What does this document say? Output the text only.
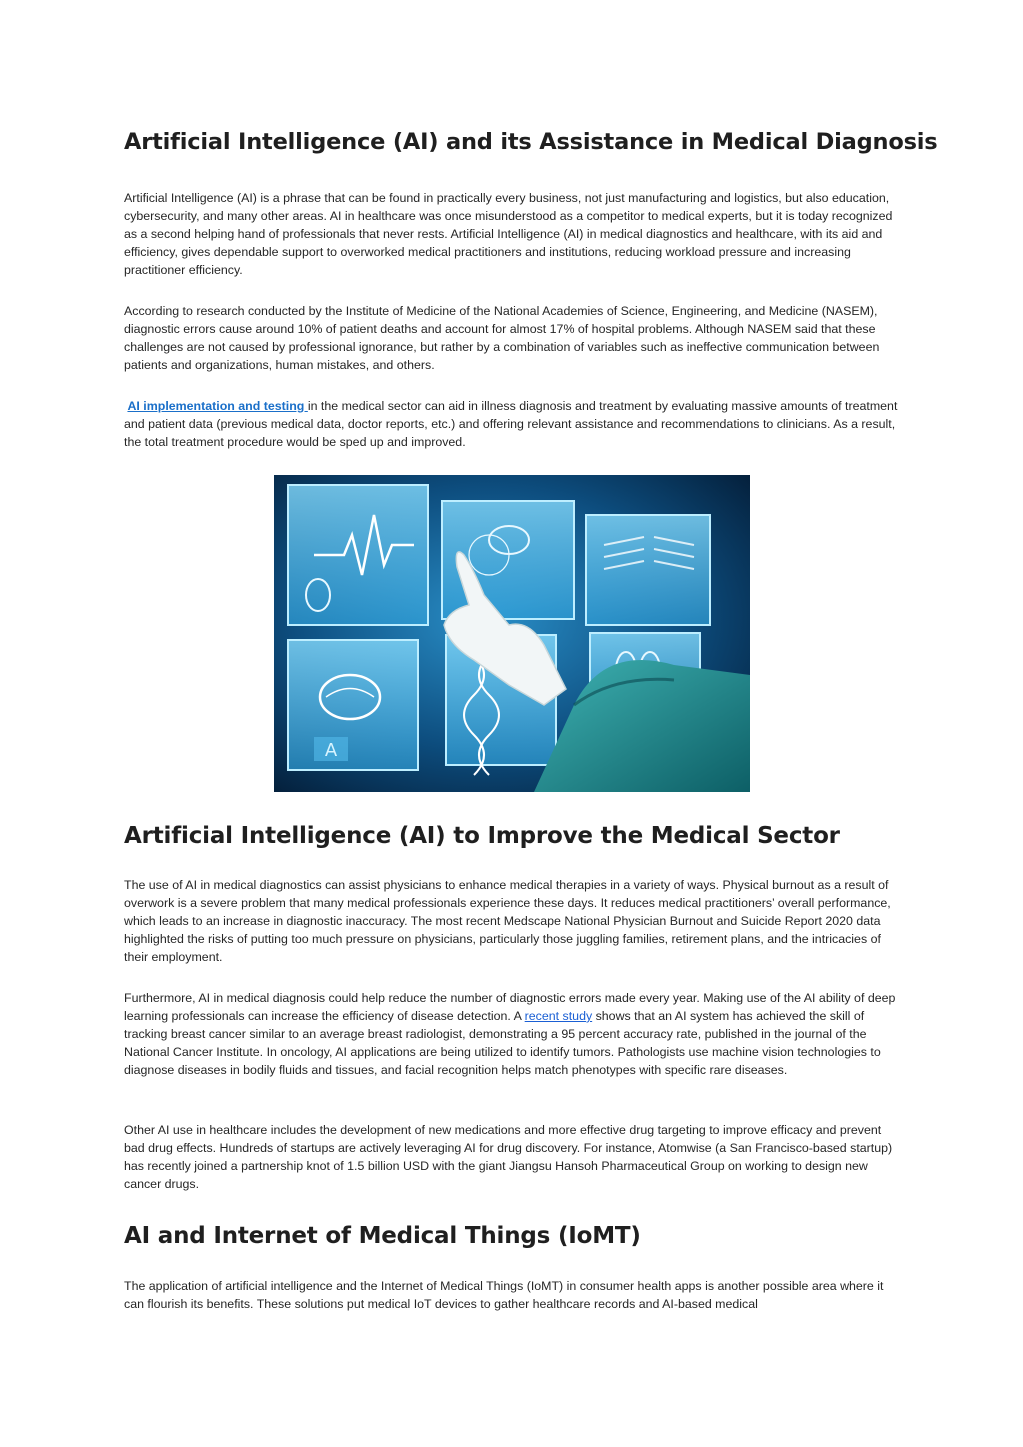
Artificial Intelligence (AI) and its Assistance in Medical Diagnosis

Artificial Intelligence (AI) is a phrase that can be found in practically every business, not just manufacturing and logistics, but also education, cybersecurity, and many other areas. AI in healthcare was once misunderstood as a competitor to medical experts, but it is today recognized as a second helping hand of professionals that never rests. Artificial Intelligence (AI) in medical diagnostics and healthcare, with its aid and efficiency, gives dependable support to overworked medical practitioners and institutions, reducing workload pressure and increasing practitioner efficiency.

According to research conducted by the Institute of Medicine of the National Academies of Science, Engineering, and Medicine (NASEM), diagnostic errors cause around 10% of patient deaths and account for almost 17% of hospital problems. Although NASEM said that these challenges are not caused by professional ignorance, but rather by a combination of variables such as ineffective communication between patients and organizations, human mistakes, and others.

AI implementation and testing in the medical sector can aid in illness diagnosis and treatment by evaluating massive amounts of treatment and patient data (previous medical data, doctor reports, etc.) and offering relevant assistance and recommendations to clinicians. As a result, the total treatment procedure would be sped up and improved.

A
Artificial Intelligence (AI) to Improve the Medical Sector

The use of AI in medical diagnostics can assist physicians to enhance medical therapies in a variety of ways. Physical burnout as a result of overwork is a severe problem that many medical professionals experience these days. It reduces medical practitioners’ overall performance, which leads to an increase in diagnostic inaccuracy. The most recent Medscape National Physician Burnout and Suicide Report 2020 data highlighted the risks of putting too much pressure on physicians, particularly those juggling families, retirement plans, and the intricacies of their employment.

Furthermore, AI in medical diagnosis could help reduce the number of diagnostic errors made every year. Making use of the AI ability of deep learning professionals can increase the efficiency of disease detection. A recent study shows that an AI system has achieved the skill of tracking breast cancer similar to an average breast radiologist, demonstrating a 95 percent accuracy rate, published in the journal of the National Cancer Institute. In oncology, AI applications are being utilized to identify tumors. Pathologists use machine vision technologies to diagnose diseases in bodily fluids and tissues, and facial recognition helps match phenotypes with specific rare diseases.

Other AI use in healthcare includes the development of new medications and more effective drug targeting to improve efficacy and prevent bad drug effects. Hundreds of startups are actively leveraging AI for drug discovery. For instance, Atomwise (a San Francisco-based startup) has recently joined a partnership knot of 1.5 billion USD with the giant Jiangsu Hansoh Pharmaceutical Group on working to design new cancer drugs.

AI and Internet of Medical Things (IoMT)

The application of artificial intelligence and the Internet of Medical Things (IoMT) in consumer health apps is another possible area where it can flourish its benefits. These solutions put medical IoT devices to gather healthcare records and AI-based medical
